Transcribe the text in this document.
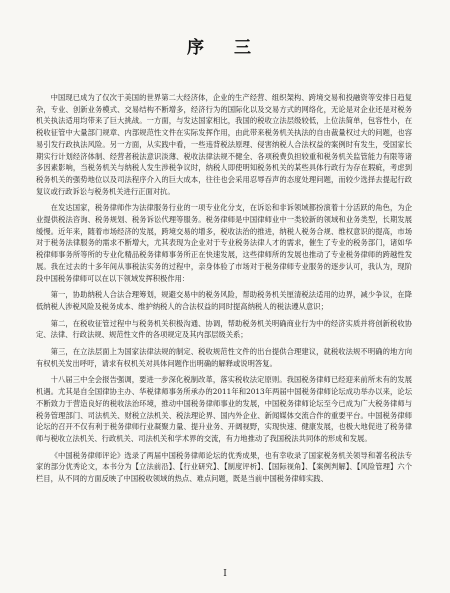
序 三

中国现已成为了仅次于美国的世界第二大经济体，企业的生产经营、组织架构、跨境交易和投融资等安排日趋复杂，专业、创新业务模式、交易结构不断增多，经济行为的国际化以及交易方式的网络化，无论是对企业还是对税务机关执法适用均带来了巨大挑战。一方面，与发达国家相比，我国的税收立法层级较低，上位法简单，包容性小，在税收征管中大量部门规章、内部规范性文件在实际发挥作用，由此带来税务机关执法的自由裁量权过大的问题，也容易引发行政执法风险。另一方面，从实践中看，一些违背税法原理、侵害纳税人合法权益的案例时有发生，受国家长期实行计划经济体制、经营者税法意识淡薄、税收法律法规不健全、各项税费负担较重和税务机关监管能力有限等诸多因素影响，当税务机关与纳税人发生涉税争议时，纳税人即使明知税务机关的某些具体行政行为存在瑕疵，考虑到税务机关的强势地位以及司法程序介入的巨大成本，往往也会采用忍辱吞声的态度处理问题，而较少选择去提起行政复议或行政诉讼与税务机关进行正面对抗。

在发达国家，税务律师作为法律服务行业的一项专业化分支，在诉讼和非诉领域都扮演着十分活跃的角色，为企业提供税法咨询、税务规划、税务诉讼代理等服务。税务律师是中国律师业中一类较新的领域和业务类型，长期发展缓慢。近年来，随着市场经济的发展，跨境交易的增多，税收法治的推进，纳税人税务合规、维权意识的提高，市场对于税务法律服务的需求不断增大，尤其表现为企业对于专业税务法律人才的需求，催生了专业的税务部门，诸如华税律师事务所等所的专业化精品税务律师事务所正在快速发展，这些律师所的发展也推动了专业税务律师的跨越性发展。我在过去的十多年间从事税法实务的过程中，亲身体验了市场对于税务律师专业服务的逐步认可，我认为，现阶段中国税务律师可以在以下领域发挥积极作用：

第一，协助纳税人合法合理筹划，规避交易中的税务风险，帮助税务机关厘清税法适用的边界，减少争议，在降低纳税人涉税风险及税务成本、维护纳税人的合法权益的同时提高纳税人的税法遵从意识；

第二，在税收征管过程中与税务机关积极沟通、协调，帮助税务机关明确商业行为中的经济实质并将创新税收协定、法律、行政法规、规范性文件的各项规定及其内部层级关系；

第三，在立法层面上为国家法律法规的制定、税收规范性文件的出台提供合理建议，就税收法规不明确的地方向有权机关发出呼吁，请求有权机关对具体问题作出明确的解释或说明答复。

十八届三中全会报告强调，要进一步深化税制改革，落实税收法定原则。我国税务律师已经迎来前所未有的发展机遇。尤其是自全国律协主办、华税律师事务所承办的2011年和2013年两届中国税务律师论坛成功举办以来，论坛不断致力于营造良好的税收法治环境，推动中国税务律师事业的发展，中国税务律师论坛至今已成为广大税务律师与税务管理部门、司法机关、财税立法机关、税法理论界、国内外企业、新闻媒体交流合作的重要平台。中国税务律师论坛的召开不仅有利于税务律师行业凝聚力量、提升业务、开阔视野，实现快速、健康发展，也极大地促进了税务律师与税收立法机关、行政机关、司法机关和学术界的交流，有力地推动了我国税法共同体的形成和发展。

《中国税务律师评论》选录了两届中国税务律师论坛的优秀成果，也有幸收录了国家税务机关领导和著名税法专家的部分优秀论文，本书分为【立法前沿】、【行业研究】、【制度评析】、【国际视角】、【案例判解】、【风险管理】六个栏目，从不同的方面反映了中国税收领域的热点、难点问题，既是当前中国税务律师实践、

I
